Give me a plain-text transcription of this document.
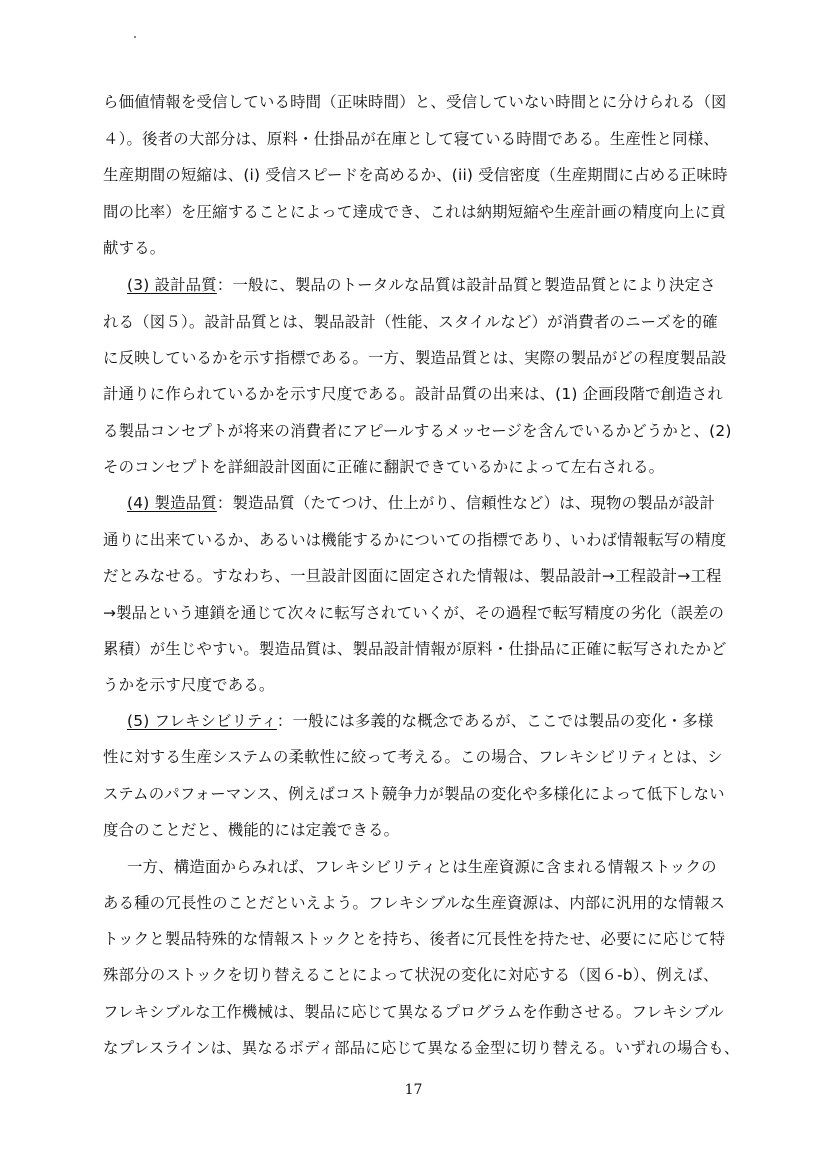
ら価値情報を受信している時間（正味時間）と、受信していない時間とに分けられる（図
４）。後者の大部分は、原料・仕掛品が在庫として寝ている時間である。生産性と同様、
生産期間の短縮は、(i) 受信スピードを高めるか、(ii) 受信密度（生産期間に占める正味時
間の比率）を圧縮することによって達成でき、これは納期短縮や生産計画の精度向上に貢
献する。
(3) 設計品質：一般に、製品のトータルな品質は設計品質と製造品質とにより決定さ
れる（図５）。設計品質とは、製品設計（性能、スタイルなど）が消費者のニーズを的確
に反映しているかを示す指標である。一方、製造品質とは、実際の製品がどの程度製品設
計通りに作られているかを示す尺度である。設計品質の出来は、(1) 企画段階で創造され
る製品コンセプトが将来の消費者にアピールするメッセージを含んでいるかどうかと、(2)
そのコンセプトを詳細設計図面に正確に翻訳できているかによって左右される。
(4) 製造品質：製造品質（たてつけ、仕上がり、信頼性など）は、現物の製品が設計
通りに出来ているか、あるいは機能するかについての指標であり、いわば情報転写の精度
だとみなせる。すなわち、一旦設計図面に固定された情報は、製品設計→工程設計→工程
→製品という連鎖を通じて次々に転写されていくが、その過程で転写精度の劣化（誤差の
累積）が生じやすい。製造品質は、製品設計情報が原料・仕掛品に正確に転写されたかど
うかを示す尺度である。
(5) フレキシビリティ：一般には多義的な概念であるが、ここでは製品の変化・多様
性に対する生産システムの柔軟性に絞って考える。この場合、フレキシビリティとは、シ
ステムのパフォーマンス、例えばコスト競争力が製品の変化や多様化によって低下しない
度合のことだと、機能的には定義できる。
一方、構造面からみれば、フレキシビリティとは生産資源に含まれる情報ストックの
ある種の冗長性のことだといえよう。フレキシブルな生産資源は、内部に汎用的な情報ス
トックと製品特殊的な情報ストックとを持ち、後者に冗長性を持たせ、必要にに応じて特
殊部分のストックを切り替えることによって状況の変化に対応する（図６-b）、例えば、
フレキシブルな工作機械は、製品に応じて異なるプログラムを作動させる。フレキシブル
なプレスラインは、異なるボディ部品に応じて異なる金型に切り替える。いずれの場合も、
17
